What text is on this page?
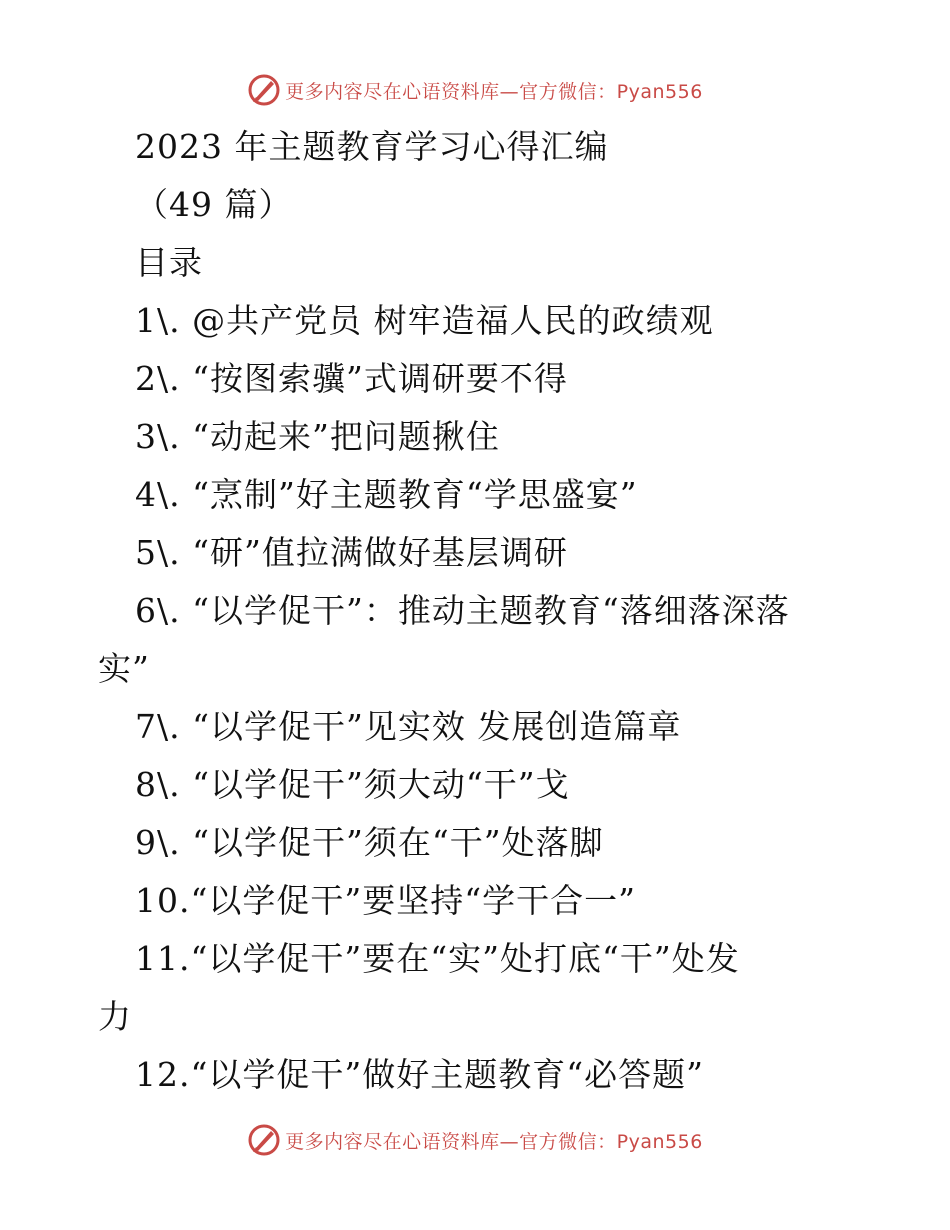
更多内容尽在心语资料库—官方微信：Pyan556
2023 年主题教育学习心得汇编
（49 篇）
目录
1\. @共产党员 树牢造福人民的政绩观
2\. “按图索骥”式调研要不得
3\. “动起来”把问题揪住
4\. “烹制”好主题教育“学思盛宴”
5\. “研”值拉满做好基层调研
6\. “以学促干”：推动主题教育“落细落深落
实”
7\. “以学促干”见实效 发展创造篇章
8\. “以学促干”须大动“干”戈
9\. “以学促干”须在“干”处落脚
10.“以学促干”要坚持“学干合一”
11.“以学促干”要在“实”处打底“干”处发
力
12.“以学促干”做好主题教育“必答题”
更多内容尽在心语资料库—官方微信：Pyan556
